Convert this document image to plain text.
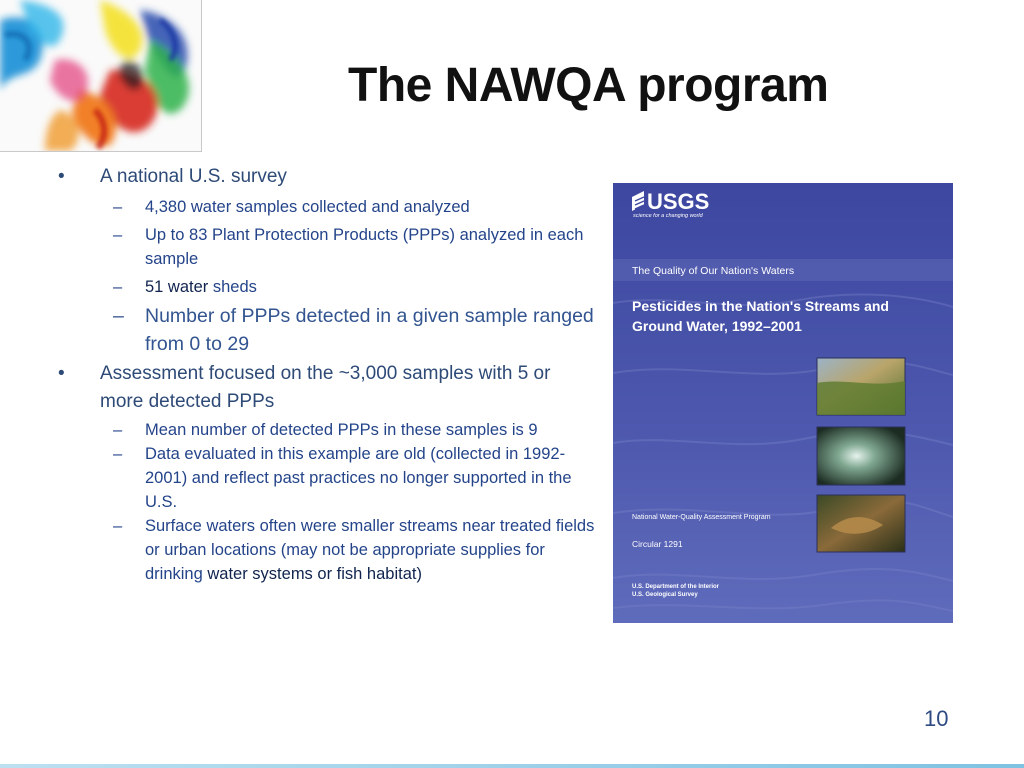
The NAWQA program
•	A national U.S. survey
– 4,380 water samples collected and analyzed
– Up to 83 Plant Protection Products (PPPs) analyzed in each sample
– 51 water sheds
– Number of PPPs detected in a given sample ranged from 0 to 29
•	Assessment focused on the ~3,000 samples with 5 or more detected PPPs
– Mean number of detected PPPs in these samples is 9
– Data evaluated in this example are old (collected in 1992-2001) and reflect past practices no longer supported in the U.S.
– Surface waters often were smaller streams near treated fields or urban locations (may not be appropriate supplies for drinking water systems or fish habitat)
USGS
science for a changing world
The Quality of Our Nation's Waters
Pesticides in the Nation's Streams and
Ground Water, 1992–2001
National Water-Quality Assessment Program
Circular 1291
U.S. Department of the Interior
U.S. Geological Survey
10
